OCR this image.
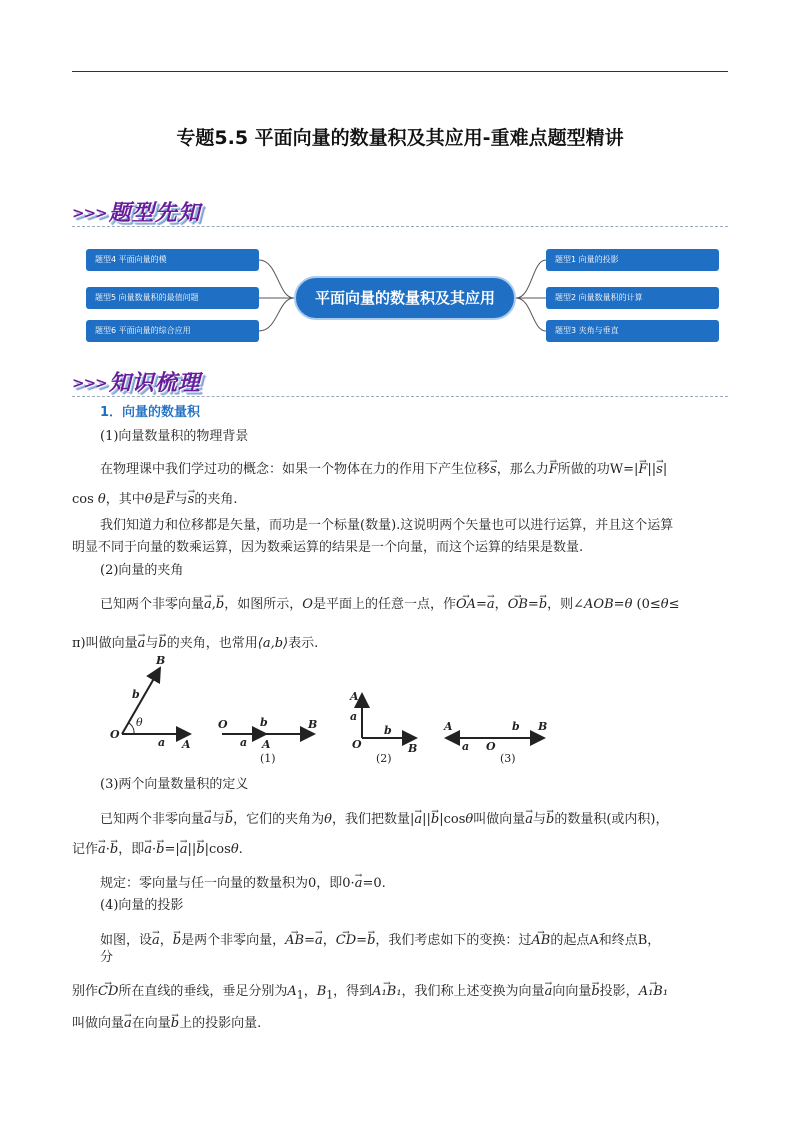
专题5.5 平面向量的数量积及其应用-重难点题型精讲
>>>题型先知
题型4 平面向量的模
题型5 向量数量积的最值问题
题型6 平面向量的综合应用
平面向量的数量积及其应用
题型1 向量的投影
题型2 向量数量积的计算
题型3 夹角与垂直
>>>知识梳理
1．向量的数量积
(1)向量数量积的物理背景
在物理课中我们学过功的概念：如果一个物体在力的作用下产生位移→ s，那么力→ F所做的功W=|→ F||→ s|
cos θ，其中θ是→ F与→ s的夹角.
我们知道力和位移都是矢量，而功是一个标量(数量).这说明两个矢量也可以进行运算，并且这个运算
明显不同于向量的数乘运算，因为数乘运算的结果是一个向量，而这个运算的结果是数量.
(2)向量的夹角
已知两个非零向量→ a,→ b，如图所示，O是平面上的任意一点，作→ OA=→ a，→ OB=→ b，则∠AOB=θ (0≤θ≤
π)叫做向量→ a与→ b的夹角，也常用⟨a,b⟩表示.
O
A
B
a
b
θ	O
A
B
a
b
(1)
A
B
O
a
b
(2)
A	B
O
a
b
(3)
(3)两个向量数量积的定义
已知两个非零向量→ a与→ b，它们的夹角为θ，我们把数量|→ a||→ b|cosθ叫做向量→ a与→ b的数量积(或内积)，
记作→ a·→ b，即→ a·→ b=|→ a||→ b|cosθ.
规定：零向量与任一向量的数量积为0，即0·→ a=0.
(4)向量的投影
如图，设→ a，→ b是两个非零向量，→ AB=→ a，→ CD=→ b，我们考虑如下的变换：过→ AB的起点A和终点B，
分
别作→ CD所在直线的垂线，垂足分别为$A_1$，$B_1$，得到→ A₁B₁，我们称上述变换为向量→ a向向量→ b投影，→ A₁B₁
叫做向量→ a在向量→ b上的投影向量.
